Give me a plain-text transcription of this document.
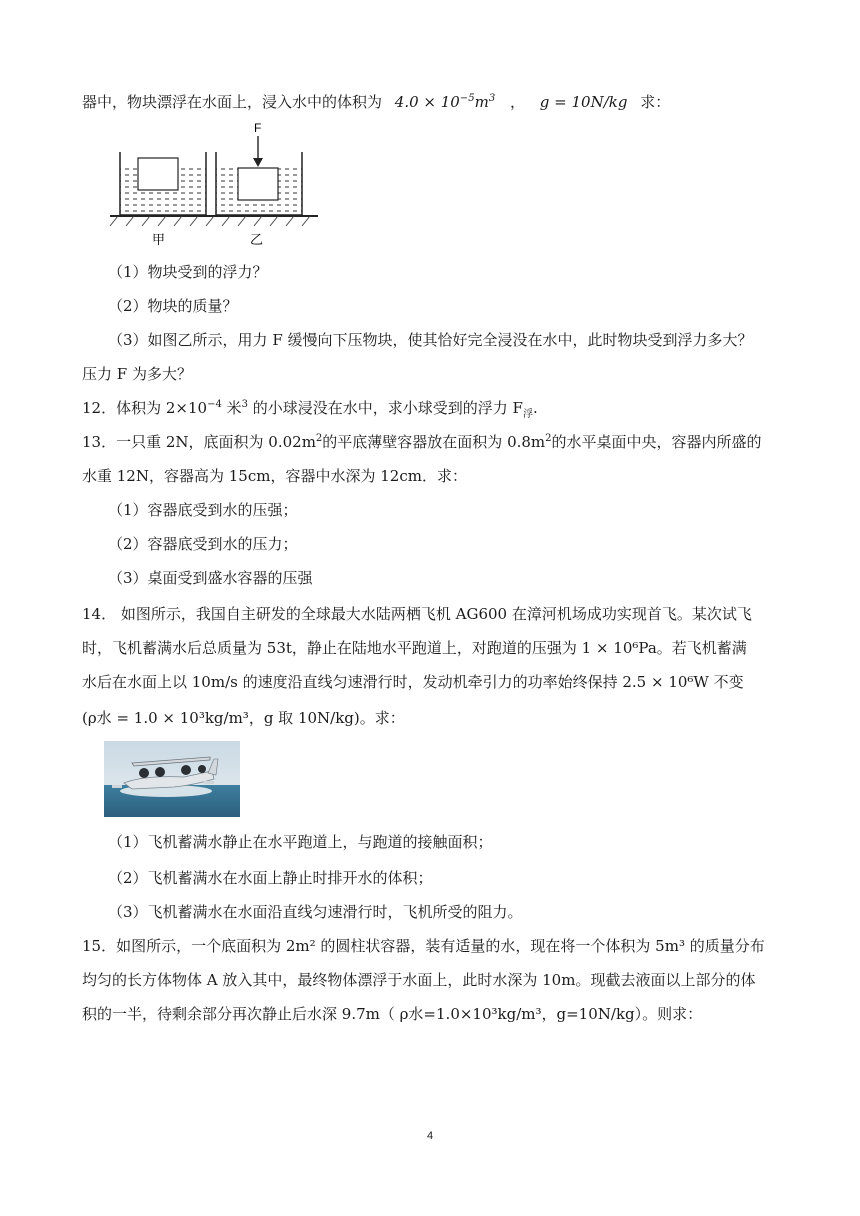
器中，物块漂浮在水面上，浸入水中的体积为 $4.0 \times 10^{-5}m^3$ ， g = 10N/kg 求：
F
甲	乙
（1）物块受到的浮力？
（2）物块的质量？
（3）如图乙所示，用力 F 缓慢向下压物块，使其恰好完全浸没在水中，此时物块受到浮力多大？
压力 F 为多大？
12．体积为 $2\times 10^{-4}$ 米$^3$ 的小球浸没在水中，求小球受到的浮力 $F_浮$.
13．一只重 2N，底面积为 $0.02m^2$的平底薄壁容器放在面积为 $0.8m^2$的水平桌面中央，容器内所盛的
水重 12N，容器高为 15cm，容器中水深为 12cm．求：
（1）容器底受到水的压强；
（2）容器底受到水的压力；
（3）桌面受到盛水容器的压强
14． 如图所示，我国自主研发的全球最大水陆两栖飞机 AG600 在漳河机场成功实现首飞。某次试飞
时，飞机蓄满水后总质量为 53t，静止在陆地水平跑道上，对跑道的压强为 1 × 10⁶Pa。若飞机蓄满
水后在水面上以 10m/s 的速度沿直线匀速滑行时，发动机牵引力的功率始终保持 2.5 × 10⁶W 不变
(ρ水 = 1.0 × 10³kg/m³，g 取 10N/kg)。求：
（1）飞机蓄满水静止在水平跑道上，与跑道的接触面积；
（2）飞机蓄满水在水面上静止时排开水的体积；
（3）飞机蓄满水在水面沿直线匀速滑行时，飞机所受的阻力。
15．如图所示，一个底面积为 2m² 的圆柱状容器，装有适量的水，现在将一个体积为 5m³ 的质量分布
均匀的长方体物体 A 放入其中，最终物体漂浮于水面上，此时水深为 10m。现截去液面以上部分的体
积的一半，待剩余部分再次静止后水深 9.7m（ ρ水=1.0×10³kg/m³，g=10N/kg）。则求：
4
